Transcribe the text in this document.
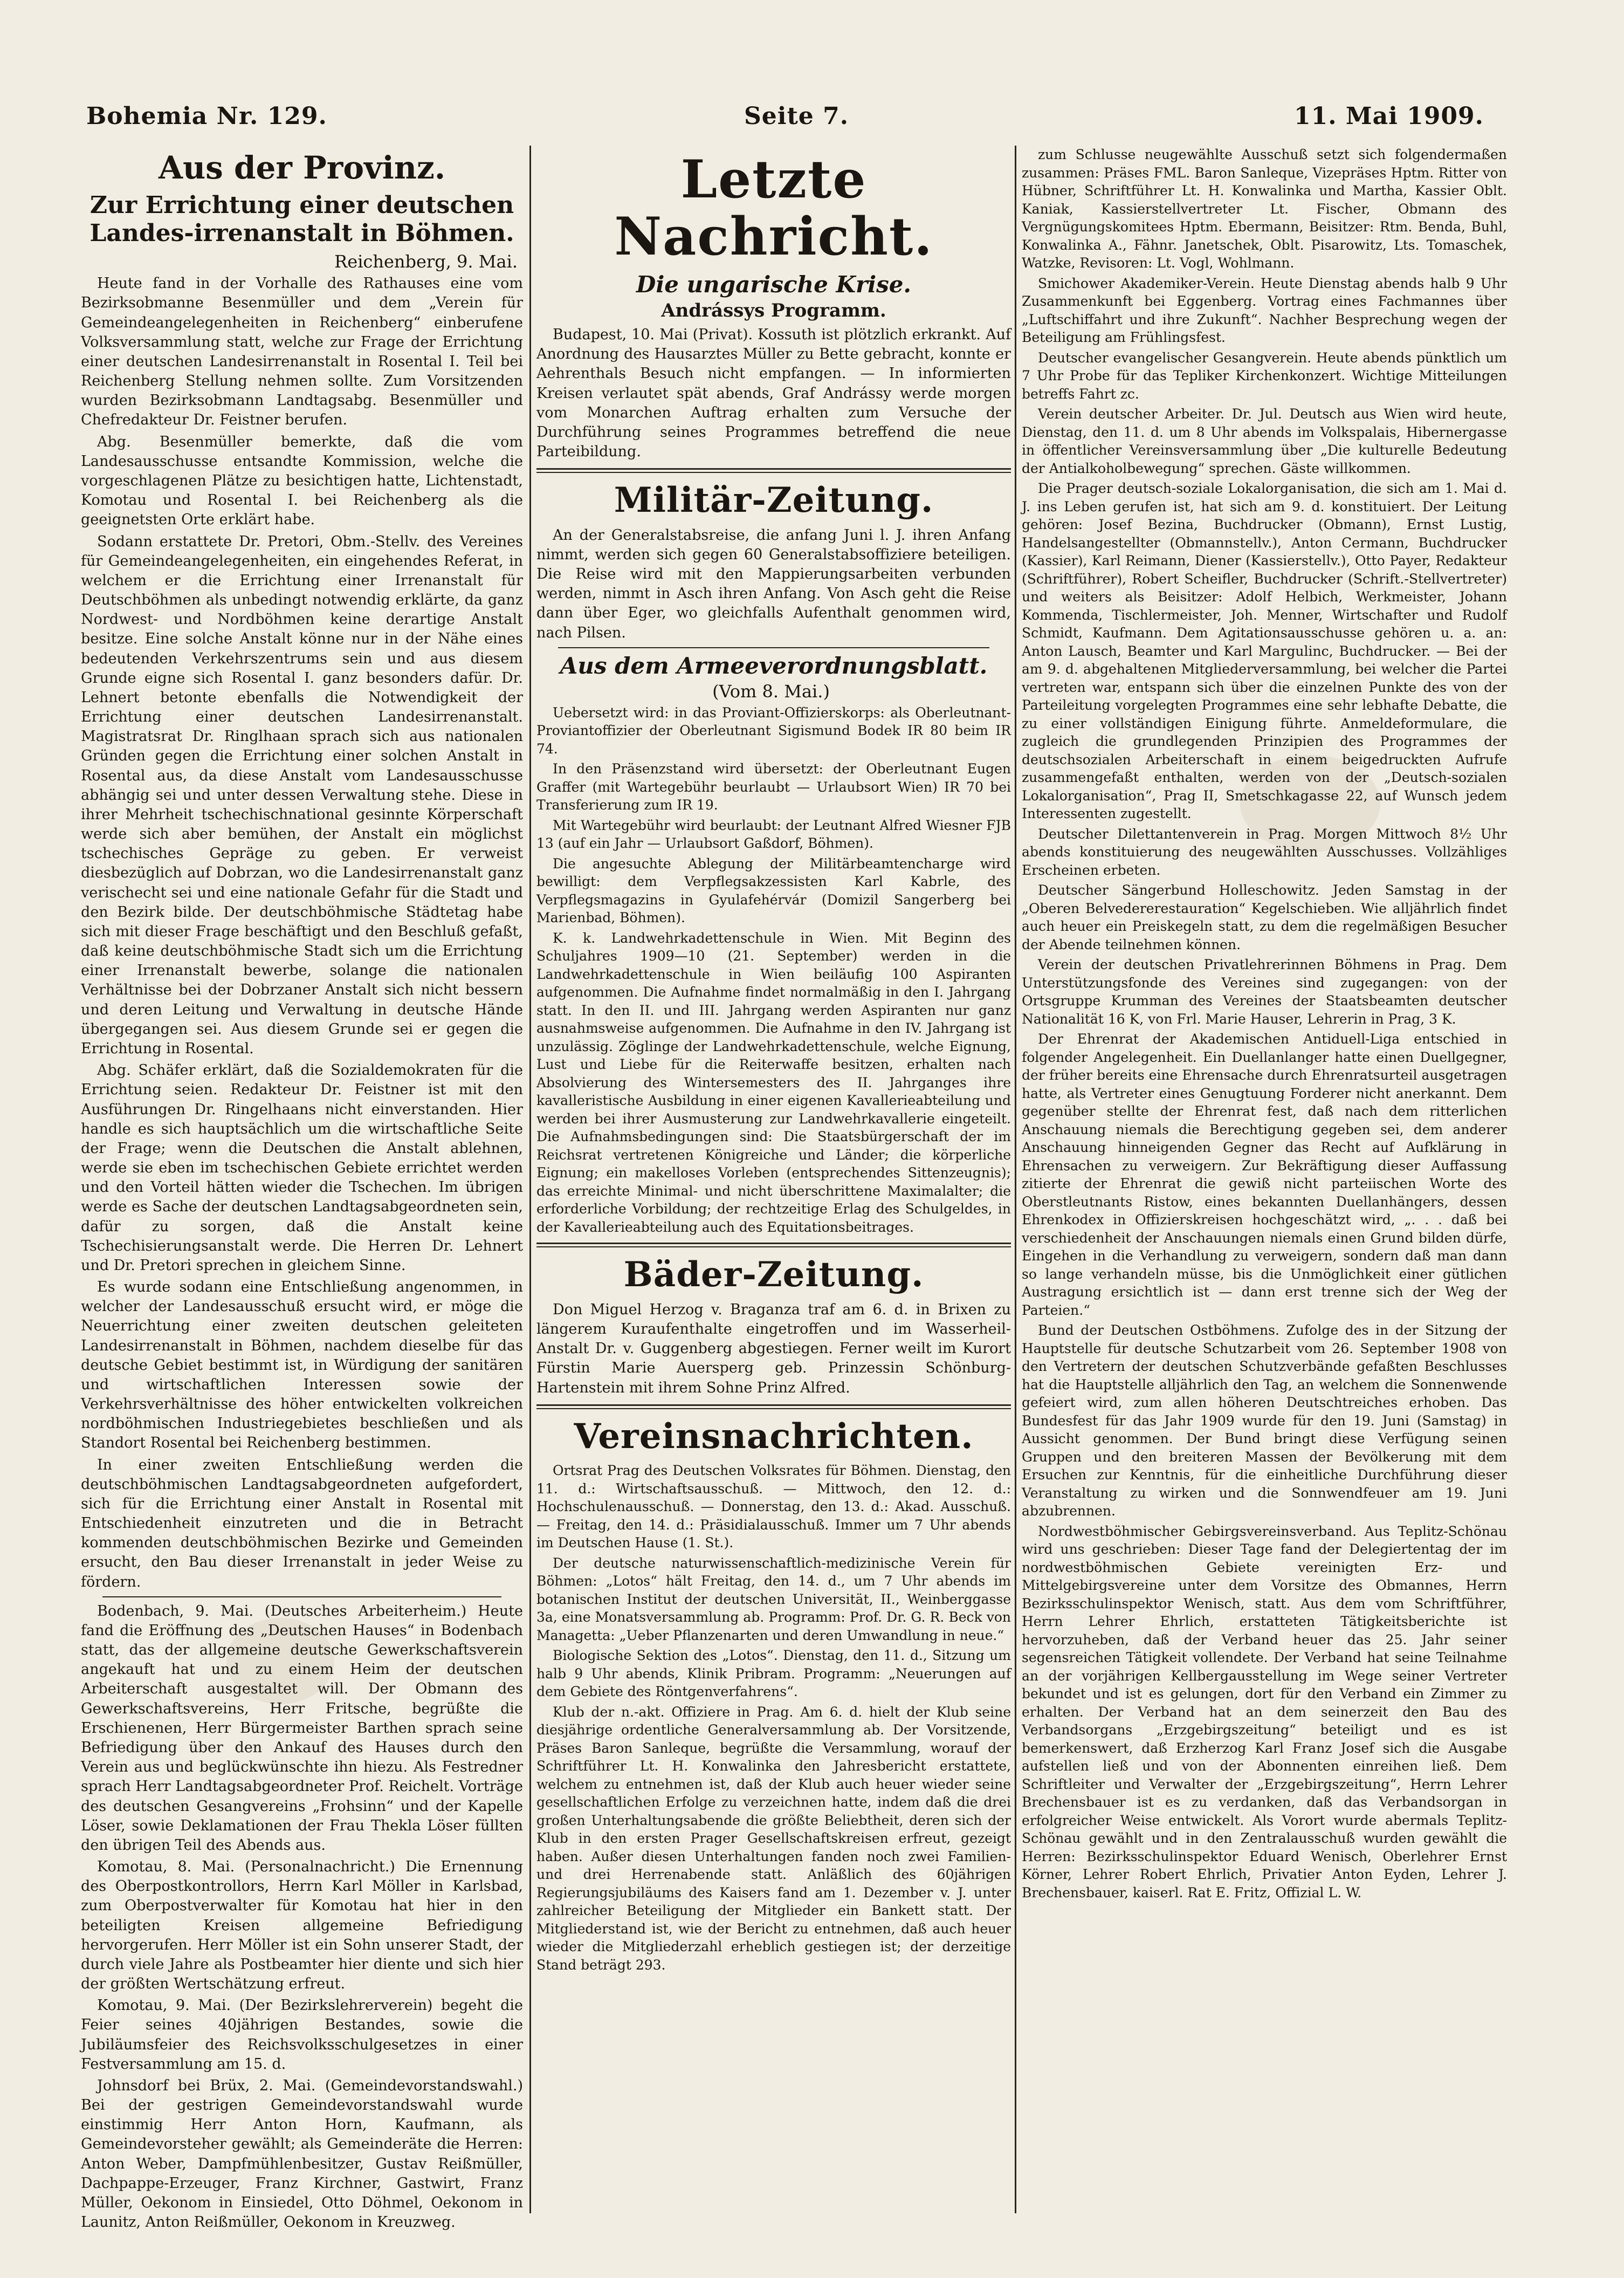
Bohemia Nr. 129.	Seite 7.	11. Mai 1909.
Aus der Provinz.
Zur Errichtung einer deutschen Landes-irrenanstalt in Böhmen.
Reichenberg, 9. Mai.

Heute fand in der Vorhalle des Rathauses eine vom Bezirksobmanne Besenmüller und dem „Verein für Gemeindeangelegenheiten in Reichenberg“ einberufene Volksversammlung statt, welche zur Frage der Errichtung einer deutschen Landesirrenanstalt in Rosental I. Teil bei Reichenberg Stellung nehmen sollte. Zum Vorsitzenden wurden Bezirksobmann Landtagsabg. Besenmüller und Chefredakteur Dr. Feistner berufen.

Abg. Besenmüller bemerkte, daß die vom Landesausschusse entsandte Kommission, welche die vorgeschlagenen Plätze zu besichtigen hatte, Lichtenstadt, Komotau und Rosental I. bei Reichenberg als die geeignetsten Orte erklärt habe.

Sodann erstattete Dr. Pretori, Obm.-Stellv. des Vereines für Gemeindeangelegenheiten, ein eingehendes Referat, in welchem er die Errichtung einer Irrenanstalt für Deutschböhmen als unbedingt notwendig erklärte, da ganz Nordwest- und Nordböhmen keine derartige Anstalt besitze. Eine solche Anstalt könne nur in der Nähe eines bedeutenden Verkehrszentrums sein und aus diesem Grunde eigne sich Rosental I. ganz besonders dafür. Dr. Lehnert betonte ebenfalls die Notwendigkeit der Errichtung einer deutschen Landesirrenanstalt. Magistratsrat Dr. Ringlhaan sprach sich aus nationalen Gründen gegen die Errichtung einer solchen Anstalt in Rosental aus, da diese Anstalt vom Landesausschusse abhängig sei und unter dessen Verwaltung stehe. Diese in ihrer Mehrheit tschechischnational gesinnte Körperschaft werde sich aber bemühen, der Anstalt ein möglichst tschechisches Gepräge zu geben. Er verweist diesbezüglich auf Dobrzan, wo die Landesirrenanstalt ganz verischecht sei und eine nationale Gefahr für die Stadt und den Bezirk bilde. Der deutschböhmische Städtetag habe sich mit dieser Frage beschäftigt und den Beschluß gefaßt, daß keine deutschböhmische Stadt sich um die Errichtung einer Irrenanstalt bewerbe, solange die nationalen Verhältnisse bei der Dobrzaner Anstalt sich nicht bessern und deren Leitung und Verwaltung in deutsche Hände übergegangen sei. Aus diesem Grunde sei er gegen die Errichtung in Rosental.

Abg. Schäfer erklärt, daß die Sozialdemokraten für die Errichtung seien. Redakteur Dr. Feistner ist mit den Ausführungen Dr. Ringelhaans nicht einverstanden. Hier handle es sich hauptsächlich um die wirtschaftliche Seite der Frage; wenn die Deutschen die Anstalt ablehnen, werde sie eben im tschechischen Gebiete errichtet werden und den Vorteil hätten wieder die Tschechen. Im übrigen werde es Sache der deutschen Landtagsabgeordneten sein, dafür zu sorgen, daß die Anstalt keine Tschechisierungsanstalt werde. Die Herren Dr. Lehnert und Dr. Pretori sprechen in gleichem Sinne.

Es wurde sodann eine Entschließung angenommen, in welcher der Landesausschuß ersucht wird, er möge die Neuerrichtung einer zweiten deutschen geleiteten Landesirrenanstalt in Böhmen, nachdem dieselbe für das deutsche Gebiet bestimmt ist, in Würdigung der sanitären und wirtschaftlichen Interessen sowie der Verkehrsverhältnisse des höher entwickelten volkreichen nordböhmischen Industriegebietes beschließen und als Standort Rosental bei Reichenberg bestimmen.

In einer zweiten Entschließung werden die deutschböhmischen Landtagsabgeordneten aufgefordert, sich für die Errichtung einer Anstalt in Rosental mit Entschiedenheit einzutreten und die in Betracht kommenden deutschböhmischen Bezirke und Gemeinden ersucht, den Bau dieser Irrenanstalt in jeder Weise zu fördern.

Bodenbach, 9. Mai. (Deutsches Arbeiterheim.) Heute fand die Eröffnung des „Deutschen Hauses“ in Bodenbach statt, das der allgemeine deutsche Gewerkschaftsverein angekauft hat und zu einem Heim der deutschen Arbeiterschaft ausgestaltet will. Der Obmann des Gewerkschaftsvereins, Herr Fritsche, begrüßte die Erschienenen, Herr Bürgermeister Barthen sprach seine Befriedigung über den Ankauf des Hauses durch den Verein aus und beglückwünschte ihn hiezu. Als Festredner sprach Herr Landtagsabgeordneter Prof. Reichelt. Vorträge des deutschen Gesangvereins „Frohsinn“ und der Kapelle Löser, sowie Deklamationen der Frau Thekla Löser füllten den übrigen Teil des Abends aus.

Komotau, 8. Mai. (Personalnachricht.) Die Ernennung des Oberpostkontrollors, Herrn Karl Möller in Karlsbad, zum Oberpostverwalter für Komotau hat hier in den beteiligten Kreisen allgemeine Befriedigung hervorgerufen. Herr Möller ist ein Sohn unserer Stadt, der durch viele Jahre als Postbeamter hier diente und sich hier der größten Wertschätzung erfreut.

Komotau, 9. Mai. (Der Bezirkslehrerverein) begeht die Feier seines 40jährigen Bestandes, sowie die Jubiläumsfeier des Reichsvolksschulgesetzes in einer Festversammlung am 15. d.

Johnsdorf bei Brüx, 2. Mai. (Gemeindevorstandswahl.) Bei der gestrigen Gemeindevorstandswahl wurde einstimmig Herr Anton Horn, Kaufmann, als Gemeindevorsteher gewählt; als Gemeinderäte die Herren: Anton Weber, Dampfmühlenbesitzer, Gustav Reißmüller, Dachpappe-Erzeuger, Franz Kirchner, Gastwirt, Franz Müller, Oekonom in Einsiedel, Otto Döhmel, Oekonom in Launitz, Anton Reißmüller, Oekonom in Kreuzweg.

Letzte Nachricht.
Die ungarische Krise.
Andrássys Programm.

Budapest, 10. Mai (Privat). Kossuth ist plötzlich erkrankt. Auf Anordnung des Hausarztes Müller zu Bette gebracht, konnte er Aehrenthals Besuch nicht empfangen. — In informierten Kreisen verlautet spät abends, Graf Andrássy werde morgen vom Monarchen Auftrag erhalten zum Versuche der Durchführung seines Programmes betreffend die neue Parteibildung.

Militär-Zeitung.

An der Generalstabsreise, die anfang Juni l. J. ihren Anfang nimmt, werden sich gegen 60 Generalstabsoffiziere beteiligen. Die Reise wird mit den Mappierungsarbeiten verbunden werden, nimmt in Asch ihren Anfang. Von Asch geht die Reise dann über Eger, wo gleichfalls Aufenthalt genommen wird, nach Pilsen.

Aus dem Armeeverordnungsblatt.
(Vom 8. Mai.)

Uebersetzt wird: in das Proviant-Offizierskorps: als Oberleutnant-Proviantoffizier der Oberleutnant Sigismund Bodek IR 80 beim IR 74.

In den Präsenzstand wird übersetzt: der Oberleutnant Eugen Graffer (mit Wartegebühr beurlaubt — Urlaubsort Wien) IR 70 bei Transferierung zum IR 19.

Mit Wartegebühr wird beurlaubt: der Leutnant Alfred Wiesner FJB 13 (auf ein Jahr — Urlaubsort Gaßdorf, Böhmen).

Die angesuchte Ablegung der Militärbeamtencharge wird bewilligt: dem Verpflegsakzessisten Karl Kabrle, des Verpflegsmagazins in Gyulafehérvár (Domizil Sangerberg bei Marienbad, Böhmen).

K. k. Landwehrkadettenschule in Wien. Mit Beginn des Schuljahres 1909—10 (21. September) werden in die Landwehrkadettenschule in Wien beiläufig 100 Aspiranten aufgenommen. Die Aufnahme findet normalmäßig in den I. Jahrgang statt. In den II. und III. Jahrgang werden Aspiranten nur ganz ausnahmsweise aufgenommen. Die Aufnahme in den IV. Jahrgang ist unzulässig. Zöglinge der Landwehrkadettenschule, welche Eignung, Lust und Liebe für die Reiterwaffe besitzen, erhalten nach Absolvierung des Wintersemesters des II. Jahrganges ihre kavalleristische Ausbildung in einer eigenen Kavallerieabteilung und werden bei ihrer Ausmusterung zur Landwehrkavallerie eingeteilt. Die Aufnahmsbedingungen sind: Die Staatsbürgerschaft der im Reichsrat vertretenen Königreiche und Länder; die körperliche Eignung; ein makelloses Vorleben (entsprechendes Sittenzeugnis); das erreichte Minimal- und nicht überschrittene Maximalalter; die erforderliche Vorbildung; der rechtzeitige Erlag des Schulgeldes, in der Kavallerieabteilung auch des Equitationsbeitrages.

Bäder-Zeitung.

Don Miguel Herzog v. Braganza traf am 6. d. in Brixen zu längerem Kuraufenthalte eingetroffen und im Wasserheil-Anstalt Dr. v. Guggenberg abgestiegen. Ferner weilt im Kurort Fürstin Marie Auersperg geb. Prinzessin Schönburg-Hartenstein mit ihrem Sohne Prinz Alfred.

Vereinsnachrichten.

Ortsrat Prag des Deutschen Volksrates für Böhmen. Dienstag, den 11. d.: Wirtschaftsausschuß. — Mittwoch, den 12. d.: Hochschulenausschuß. — Donnerstag, den 13. d.: Akad. Ausschuß. — Freitag, den 14. d.: Präsidialausschuß. Immer um 7 Uhr abends im Deutschen Hause (1. St.).

Der deutsche naturwissenschaftlich-medizinische Verein für Böhmen: „Lotos“ hält Freitag, den 14. d., um 7 Uhr abends im botanischen Institut der deutschen Universität, II., Weinberggasse 3a, eine Monatsversammlung ab. Programm: Prof. Dr. G. R. Beck von Managetta: „Ueber Pflanzenarten und deren Umwandlung in neue.“

Biologische Sektion des „Lotos“. Dienstag, den 11. d., Sitzung um halb 9 Uhr abends, Klinik Pribram. Programm: „Neuerungen auf dem Gebiete des Röntgenverfahrens“.

Klub der n.-akt. Offiziere in Prag. Am 6. d. hielt der Klub seine diesjährige ordentliche Generalversammlung ab. Der Vorsitzende, Präses Baron Sanleque, begrüßte die Versammlung, worauf der Schriftführer Lt. H. Konwalinka den Jahresbericht erstattete, welchem zu entnehmen ist, daß der Klub auch heuer wieder seine gesellschaftlichen Erfolge zu verzeichnen hatte, indem daß die drei großen Unterhaltungsabende die größte Beliebtheit, deren sich der Klub in den ersten Prager Gesellschaftskreisen erfreut, gezeigt haben. Außer diesen Unterhaltungen fanden noch zwei Familien- und drei Herrenabende statt. Anläßlich des 60jährigen Regierungsjubiläums des Kaisers fand am 1. Dezember v. J. unter zahlreicher Beteiligung der Mitglieder ein Bankett statt. Der Mitgliederstand ist, wie der Bericht zu entnehmen, daß auch heuer wieder die Mitgliederzahl erheblich gestiegen ist; der derzeitige Stand beträgt 293.

zum Schlusse neugewählte Ausschuß setzt sich folgendermaßen zusammen: Präses FML. Baron Sanleque, Vizepräses Hptm. Ritter von Hübner, Schriftführer Lt. H. Konwalinka und Martha, Kassier Oblt. Kaniak, Kassierstellvertreter Lt. Fischer, Obmann des Vergnügungskomitees Hptm. Ebermann, Beisitzer: Rtm. Benda, Buhl, Konwalinka A., Fähnr. Janetschek, Oblt. Pisarowitz, Lts. Tomaschek, Watzke, Revisoren: Lt. Vogl, Wohlmann.

Smichower Akademiker-Verein. Heute Dienstag abends halb 9 Uhr Zusammenkunft bei Eggenberg. Vortrag eines Fachmannes über „Luftschiffahrt und ihre Zukunft“. Nachher Besprechung wegen der Beteiligung am Frühlingsfest.

Deutscher evangelischer Gesangverein. Heute abends pünktlich um 7 Uhr Probe für das Tepliker Kirchenkonzert. Wichtige Mitteilungen betreffs Fahrt zc.

Verein deutscher Arbeiter. Dr. Jul. Deutsch aus Wien wird heute, Dienstag, den 11. d. um 8 Uhr abends im Volkspalais, Hibernergasse in öffentlicher Vereinsversammlung über „Die kulturelle Bedeutung der Antialkoholbewegung“ sprechen. Gäste willkommen.

Die Prager deutsch-soziale Lokalorganisation, die sich am 1. Mai d. J. ins Leben gerufen ist, hat sich am 9. d. konstituiert. Der Leitung gehören: Josef Bezina, Buchdrucker (Obmann), Ernst Lustig, Handelsangestellter (Obmannstellv.), Anton Cermann, Buchdrucker (Kassier), Karl Reimann, Diener (Kassierstellv.), Otto Payer, Redakteur (Schriftführer), Robert Scheifler, Buchdrucker (Schrift.-Stellvertreter) und weiters als Beisitzer: Adolf Helbich, Werkmeister, Johann Kommenda, Tischlermeister, Joh. Menner, Wirtschafter und Rudolf Schmidt, Kaufmann. Dem Agitationsausschusse gehören u. a. an: Anton Lausch, Beamter und Karl Margulinc, Buchdrucker. — Bei der am 9. d. abgehaltenen Mitgliederversammlung, bei welcher die Partei vertreten war, entspann sich über die einzelnen Punkte des von der Parteileitung vorgelegten Programmes eine sehr lebhafte Debatte, die zu einer vollständigen Einigung führte. Anmeldeformulare, die zugleich die grundlegenden Prinzipien des Programmes der deutschsozialen Arbeiterschaft in einem beigedruckten Aufrufe zusammengefaßt enthalten, werden von der „Deutsch-sozialen Lokalorganisation“, Prag II, Smetschkagasse 22, auf Wunsch jedem Interessenten zugestellt.

Deutscher Dilettantenverein in Prag. Morgen Mittwoch 8½ Uhr abends konstituierung des neugewählten Ausschusses. Vollzähliges Erscheinen erbeten.

Deutscher Sängerbund Holleschowitz. Jeden Samstag in der „Oberen Belvedererestauration“ Kegelschieben. Wie alljährlich findet auch heuer ein Preiskegeln statt, zu dem die regelmäßigen Besucher der Abende teilnehmen können.

Verein der deutschen Privatlehrerinnen Böhmens in Prag. Dem Unterstützungsfonde des Vereines sind zugegangen: von der Ortsgruppe Krumman des Vereines der Staatsbeamten deutscher Nationalität 16 K, von Frl. Marie Hauser, Lehrerin in Prag, 3 K.

Der Ehrenrat der Akademischen Antiduell-Liga entschied in folgender Angelegenheit. Ein Duellanlanger hatte einen Duellgegner, der früher bereits eine Ehrensache durch Ehrenratsurteil ausgetragen hatte, als Vertreter eines Genugtuung Forderer nicht anerkannt. Dem gegenüber stellte der Ehrenrat fest, daß nach dem ritterlichen Anschauung niemals die Berechtigung gegeben sei, dem anderer Anschauung hinneigenden Gegner das Recht auf Aufklärung in Ehrensachen zu verweigern. Zur Bekräftigung dieser Auffassung zitierte der Ehrenrat die gewiß nicht parteiischen Worte des Oberstleutnants Ristow, eines bekannten Duellanhängers, dessen Ehrenkodex in Offizierskreisen hochgeschätzt wird, „. . . daß bei verschiedenheit der Anschauungen niemals einen Grund bilden dürfe, Eingehen in die Verhandlung zu verweigern, sondern daß man dann so lange verhandeln müsse, bis die Unmöglichkeit einer gütlichen Austragung ersichtlich ist — dann erst trenne sich der Weg der Parteien.“

Bund der Deutschen Ostböhmens. Zufolge des in der Sitzung der Hauptstelle für deutsche Schutzarbeit vom 26. September 1908 von den Vertretern der deutschen Schutzverbände gefaßten Beschlusses hat die Hauptstelle alljährlich den Tag, an welchem die Sonnenwende gefeiert wird, zum allen höheren Deutschtreiches erhoben. Das Bundesfest für das Jahr 1909 wurde für den 19. Juni (Samstag) in Aussicht genommen. Der Bund bringt diese Verfügung seinen Gruppen und den breiteren Massen der Bevölkerung mit dem Ersuchen zur Kenntnis, für die einheitliche Durchführung dieser Veranstaltung zu wirken und die Sonnwendfeuer am 19. Juni abzubrennen.

Nordwestböhmischer Gebirgsvereinsverband. Aus Teplitz-Schönau wird uns geschrieben: Dieser Tage fand der Delegiertentag der im nordwestböhmischen Gebiete vereinigten Erz- und Mittelgebirgsvereine unter dem Vorsitze des Obmannes, Herrn Bezirksschulinspektor Wenisch, statt. Aus dem vom Schriftführer, Herrn Lehrer Ehrlich, erstatteten Tätigkeitsberichte ist hervorzuheben, daß der Verband heuer das 25. Jahr seiner segensreichen Tätigkeit vollendete. Der Verband hat seine Teilnahme an der vorjährigen Kellbergausstellung im Wege seiner Vertreter bekundet und ist es gelungen, dort für den Verband ein Zimmer zu erhalten. Der Verband hat an dem seinerzeit den Bau des Verbandsorgans „Erzgebirgszeitung“ beteiligt und es ist bemerkenswert, daß Erzherzog Karl Franz Josef sich die Ausgabe aufstellen ließ und von der Abonnenten einreihen ließ. Dem Schriftleiter und Verwalter der „Erzgebirgszeitung“, Herrn Lehrer Brechensbauer ist es zu verdanken, daß das Verbandsorgan in erfolgreicher Weise entwickelt. Als Vorort wurde abermals Teplitz-Schönau gewählt und in den Zentralausschuß wurden gewählt die Herren: Bezirksschulinspektor Eduard Wenisch, Oberlehrer Ernst Körner, Lehrer Robert Ehrlich, Privatier Anton Eyden, Lehrer J. Brechensbauer, kaiserl. Rat E. Fritz, Offizial L. W.
